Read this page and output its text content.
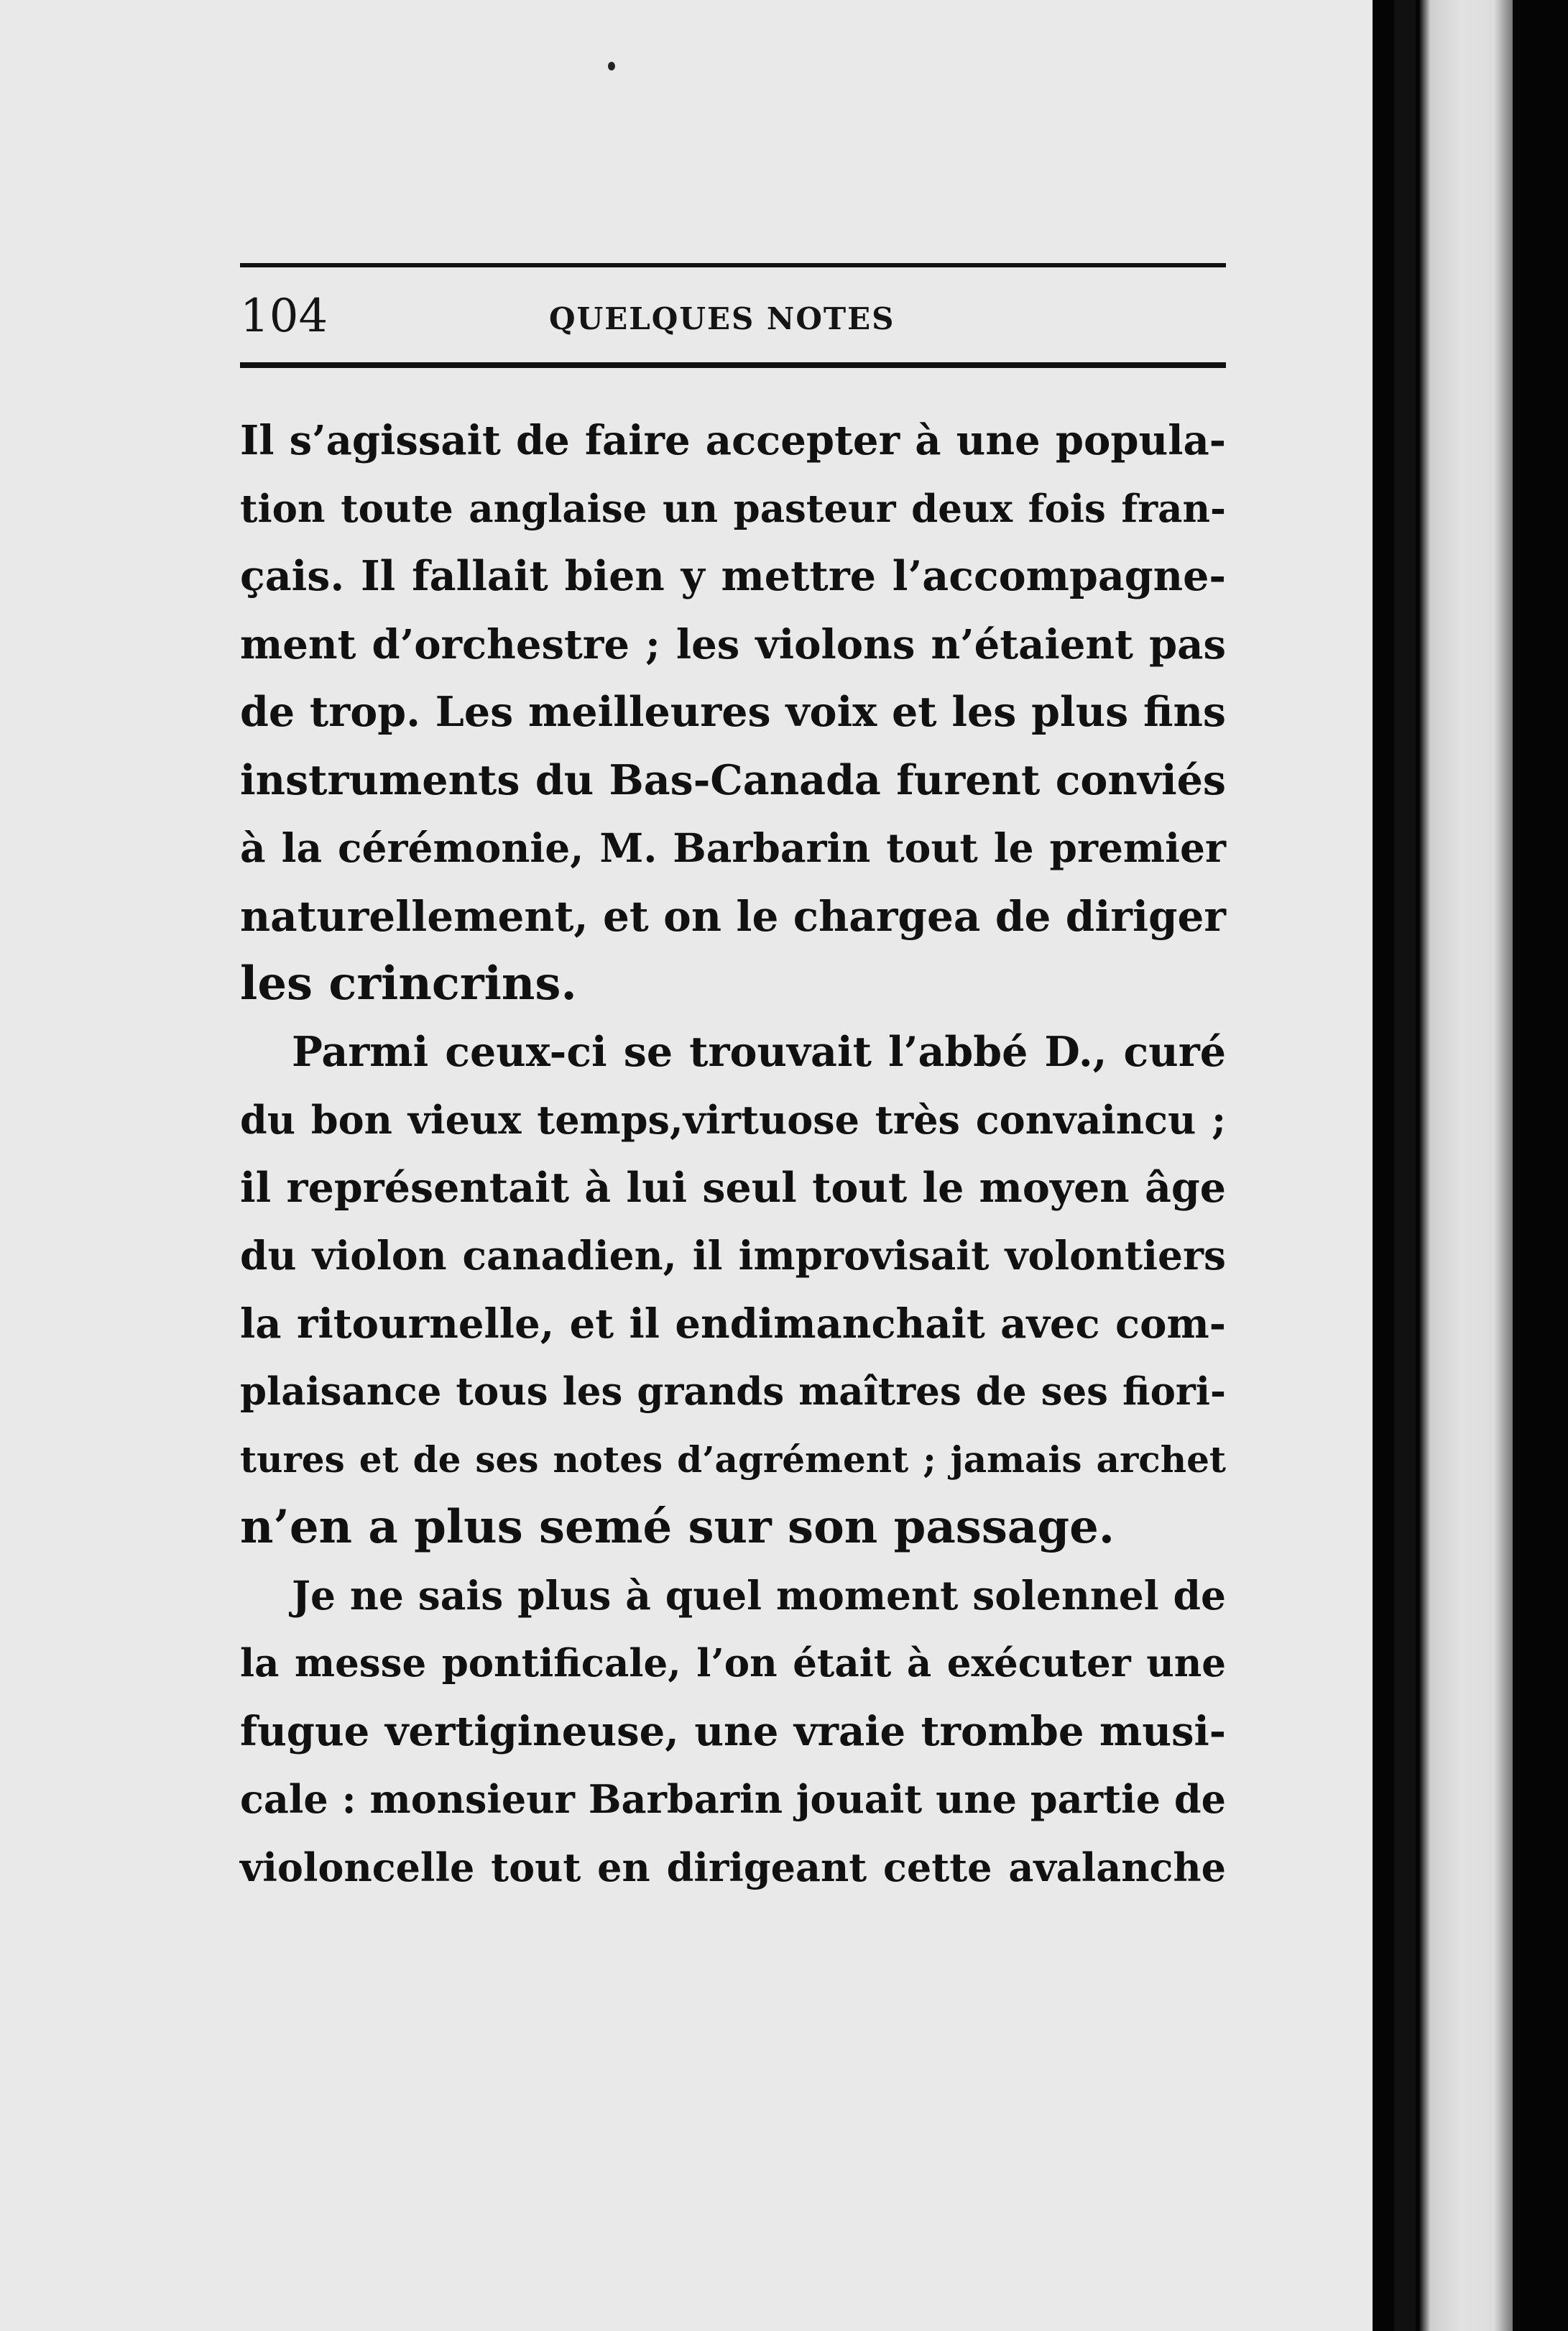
104	QUELQUES NOTES
Il s’agissait de faire accepter à une popula-
tion toute anglaise un pasteur deux fois fran-
çais. Il fallait bien y mettre l’accompagne-
ment d’orchestre ; les violons n’étaient pas
de trop. Les meilleures voix et les plus fins
instruments du Bas-Canada furent conviés
à la cérémonie, M. Barbarin tout le premier
naturellement, et on le chargea de diriger
les crincrins.
Parmi ceux-ci se trouvait l’abbé D., curé
du bon vieux temps,virtuose très convaincu ;
il représentait à lui seul tout le moyen âge
du violon canadien, il improvisait volontiers
la ritournelle, et il endimanchait avec com-
plaisance tous les grands maîtres de ses fiori-
tures et de ses notes d’agrément ; jamais archet
n’en a plus semé sur son passage.
Je ne sais plus à quel moment solennel de
la messe pontificale, l’on était à exécuter une
fugue vertigineuse, une vraie trombe musi-
cale : monsieur Barbarin jouait une partie de
violoncelle tout en dirigeant cette avalanche
